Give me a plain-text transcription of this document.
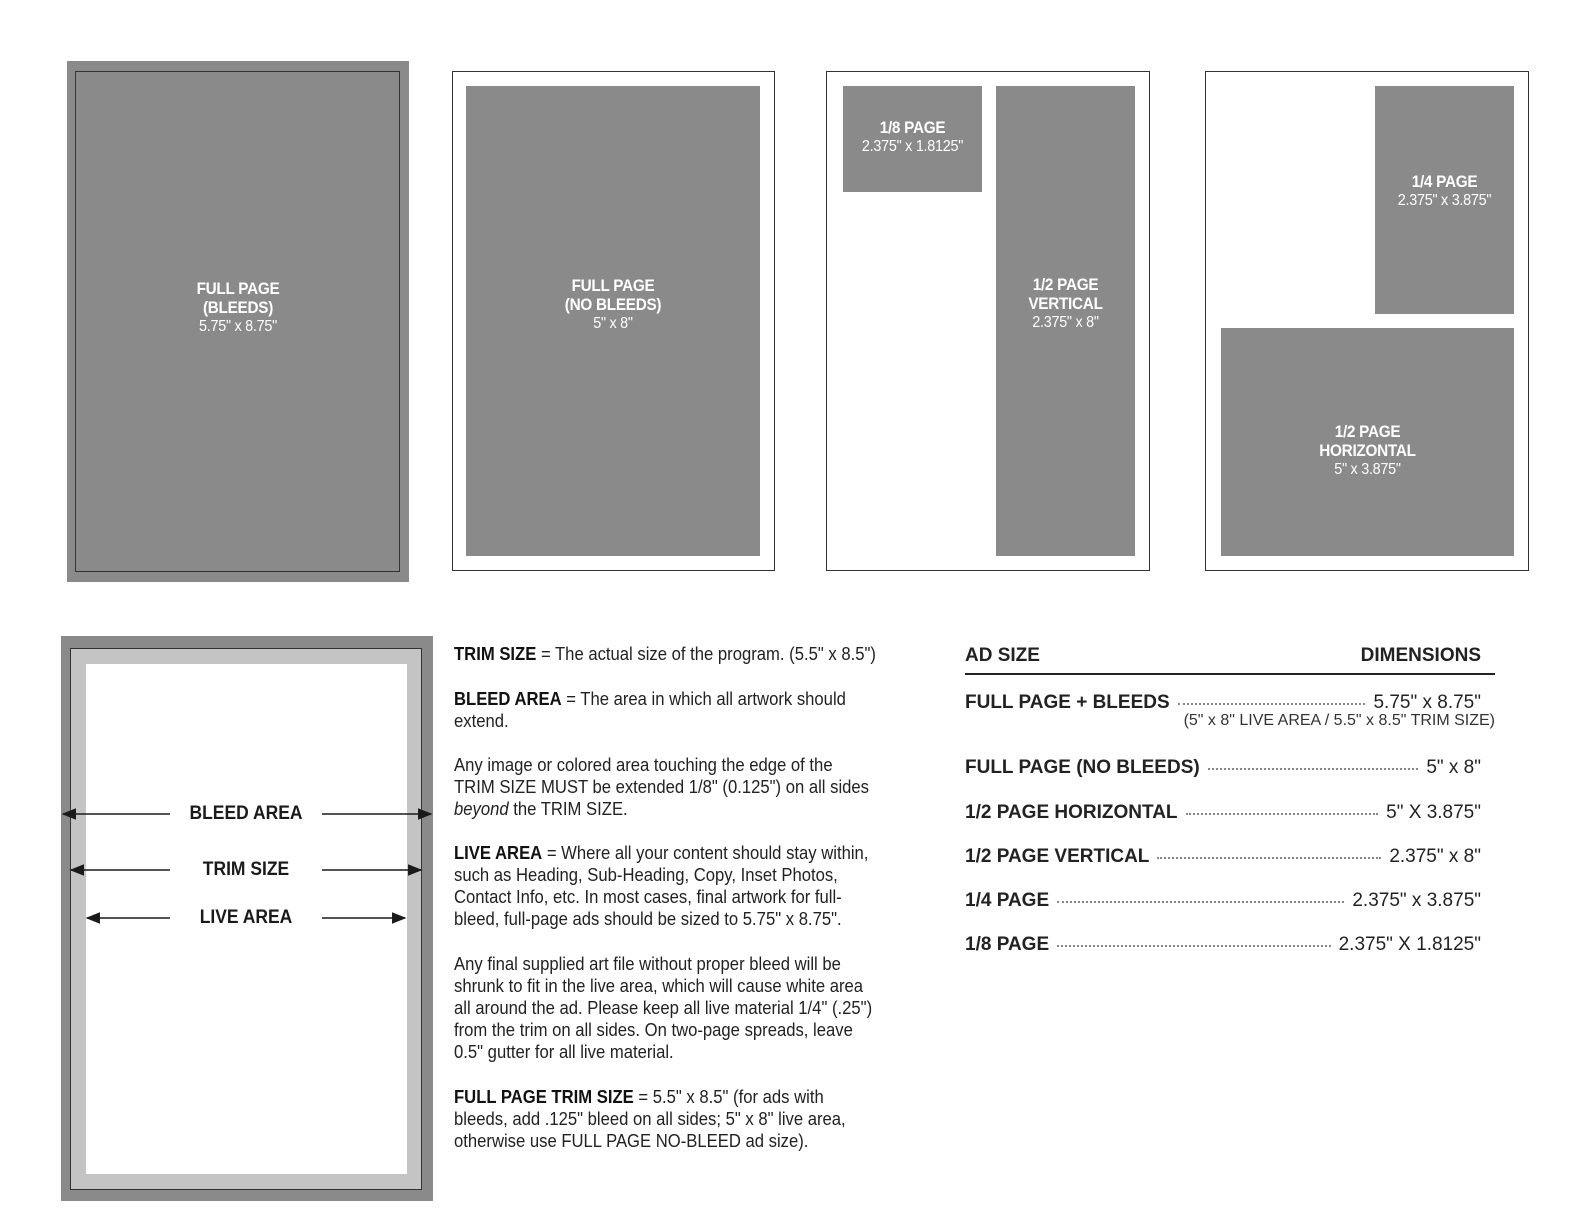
FULL PAGE
(BLEEDS)
5.75" x 8.75"
FULL PAGE
(NO BLEEDS)
5" x 8"
1/8 PAGE
2.375" x 1.8125"
1/2 PAGE
VERTICAL
2.375" x 8"
1/4 PAGE
2.375" x 3.875"
1/2 PAGE
HORIZONTAL
5" x 3.875"
BLEED AREA
TRIM SIZE
LIVE AREA
TRIM SIZE = The actual size of the program. (5.5" x 8.5")
BLEED AREA = The area in which all artwork should extend.
Any image or colored area touching the edge of the TRIM SIZE MUST be extended 1/8" (0.125") on all sides beyond the TRIM SIZE.
LIVE AREA = Where all your content should stay within, such as Heading, Sub-Heading, Copy, Inset Photos, Contact Info, etc. In most cases, final artwork for full-bleed, full-page ads should be sized to 5.75" x 8.75".
Any final supplied art file without proper bleed will be shrunk to fit in the live area, which will cause white area all around the ad. Please keep all live material 1/4" (.25") from the trim on all sides. On two-page spreads, leave 0.5" gutter for all live material.
FULL PAGE TRIM SIZE = 5.5" x 8.5" (for ads with bleeds, add .125" bleed on all sides; 5" x 8" live area, otherwise use FULL PAGE NO-BLEED ad size).
AD SIZE	DIMENSIONS
FULL PAGE + BLEEDS	5.75" x 8.75"
(5" x 8" LIVE AREA / 5.5" x 8.5" TRIM SIZE)
FULL PAGE (NO BLEEDS)	5" x 8"
1/2 PAGE HORIZONTAL	5" X 3.875"
1/2 PAGE VERTICAL	2.375" x 8"
1/4 PAGE	2.375" x 3.875"
1/8 PAGE	2.375" X 1.8125"
